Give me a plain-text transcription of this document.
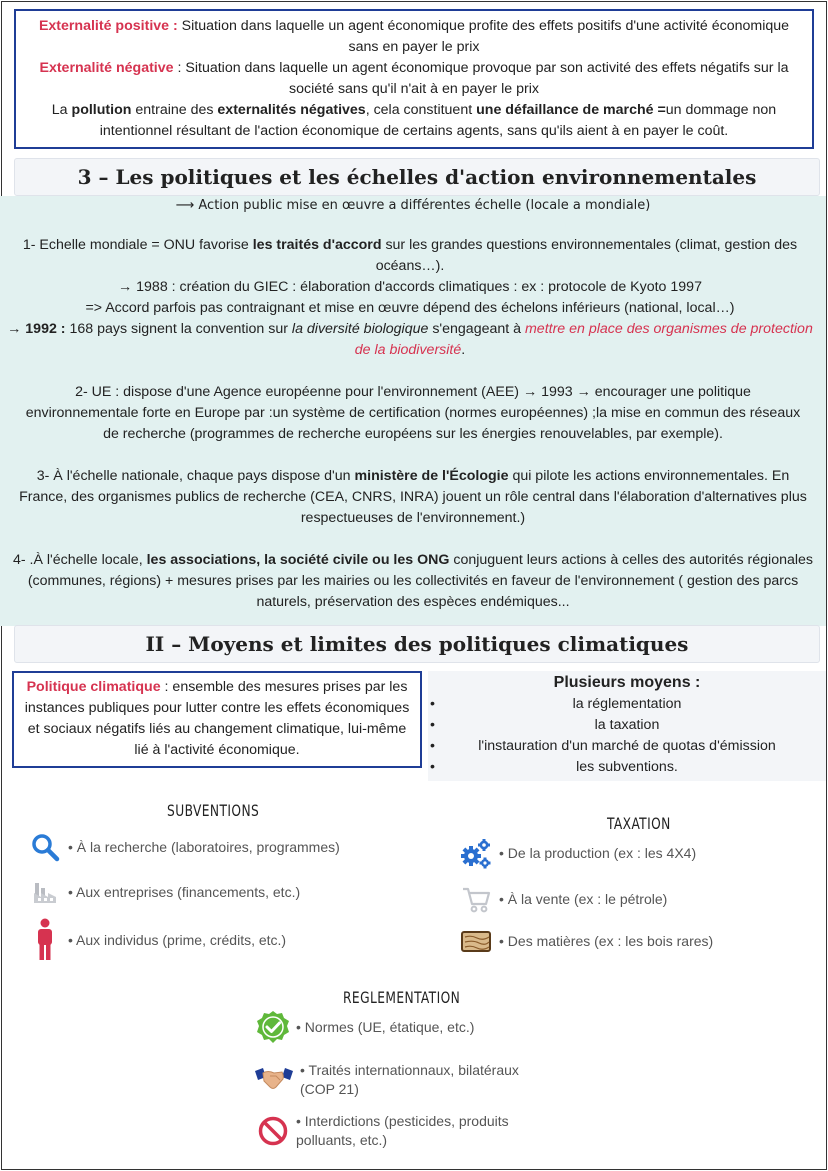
Externalité positive : Situation dans laquelle un agent économique profite des effets positifs d'une activité économique sans en payer le prix
Externalité négative : Situation dans laquelle un agent économique provoque par son activité des effets négatifs sur la société sans qu'il n'ait à en payer le prix
La pollution entraine des externalités négatives, cela constituent une défaillance de marché =un dommage non intentionnel résultant de l'action économique de certains agents, sans qu'ils aient à en payer le coût.
3 – Les politiques et les échelles d'action environnementales
⟶ Action public mise en œuvre a différentes échelle (locale a mondiale)
1- Echelle mondiale = ONU favorise les traités d'accord sur les grandes questions environnementales (climat, gestion des
océans…).
→ 1988 : création du GIEC : élaboration d'accords climatiques : ex : protocole de Kyoto 1997
=> Accord parfois pas contraignant et mise en œuvre dépend des échelons inférieurs (national, local…)
→ 1992 : 168 pays signent la convention sur la diversité biologique s'engageant à mettre en place des organismes de protection
de la biodiversité.
2- UE : dispose d'une Agence européenne pour l'environnement (AEE) → 1993 → encourager une politique
environnementale forte en Europe par :un système de certification (normes européennes) ;la mise en commun des réseaux
de recherche (programmes de recherche européens sur les énergies renouvelables, par exemple).
3- À l'échelle nationale, chaque pays dispose d'un ministère de l'Écologie qui pilote les actions environnementales. En
France, des organismes publics de recherche (CEA, CNRS, INRA) jouent un rôle central dans l'élaboration d'alternatives plus
respectueuses de l'environnement.)
4- .À l'échelle locale, les associations, la société civile ou les ONG conjuguent leurs actions à celles des autorités régionales
(communes, régions) + mesures prises par les mairies ou les collectivités en faveur de l'environnement ( gestion des parcs
naturels, préservation des espèces endémiques...
II – Moyens et limites des politiques climatiques
Politique climatique : ensemble des mesures prises par les instances publiques pour lutter contre les effets économiques et sociaux négatifs liés au changement climatique, lui-même lié à l'activité économique.
Plusieurs moyens :
• la réglementation
• la taxation
• l'instauration d'un marché de quotas d'émission
• les subventions.
SUBVENTIONS
• À la recherche (laboratoires, programmes)
• Aux entreprises (financements, etc.)
• Aux individus (prime, crédits, etc.)
TAXATION
• De la production (ex : les 4X4)
• À la vente (ex : le pétrole)
• Des matières (ex : les bois rares)
REGLEMENTATION
• Normes (UE, étatique, etc.)
• Traités internationnaux, bilatéraux
(COP 21)
• Interdictions (pesticides, produits
polluants, etc.)
